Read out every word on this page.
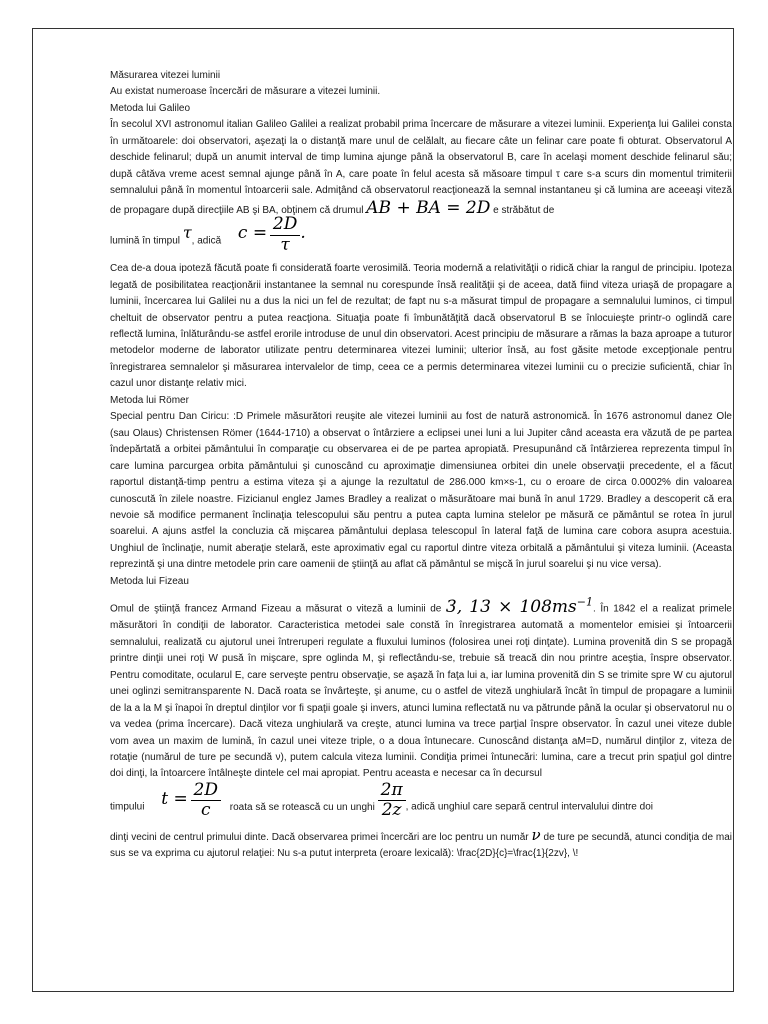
Măsurarea vitezei luminii

Au existat numeroase încercări de măsurare a vitezei luminii.

Metoda lui Galileo

În secolul XVI astronomul italian Galileo Galilei a realizat probabil prima încercare de măsurare a vitezei luminii. Experienţa lui Galilei consta în următoarele: doi observatori, aşezaţi la o distanţă mare unul de celălalt, au fiecare câte un felinar care poate fi obturat. Observatorul A deschide felinarul; după un anumit interval de timp lumina ajunge până la observatorul B, care în acelaşi moment deschide felinarul său; după câtăva vreme acest semnal ajunge până în A, care poate în felul acesta să măsoare timpul τ care s-a scurs din momentul trimiterii semnalului până în momentul întoarcerii sale. Admiţând că observatorul reacţionează la semnal instantaneu şi că lumina are aceeaşi viteză de propagare după direcţiile AB şi BA, obţinem că drumul AB + BA = 2D e străbătut de

lumină în timpul τ, adică $c = \frac{2D}{\tau}$ .

Cea de-a doua ipoteză făcută poate fi considerată foarte verosimilă. Teoria modernă a relativităţii o ridică chiar la rangul de principiu. Ipoteza legată de posibilitatea reacţionării instantanee la semnal nu corespunde însă realităţii şi de aceea, dată fiind viteza uriaşă de propagare a luminii, încercarea lui Galilei nu a dus la nici un fel de rezultat; de fapt nu s-a măsurat timpul de propagare a semnalului luminos, ci timpul cheltuit de observator pentru a putea reacţiona. Situaţia poate fi îmbunătăţită dacă observatorul B se înlocuieşte printr-o oglindă care reflectă lumina, înlăturându-se astfel erorile introduse de unul din observatori. Acest principiu de măsurare a rămas la baza aproape a tuturor metodelor moderne de laborator utilizate pentru determinarea vitezei luminii; ulterior însă, au fost găsite metode excepţionale pentru înregistrarea semnalelor şi măsurarea intervalelor de timp, ceea ce a permis determinarea vitezei luminii cu o precizie suficientă, chiar în cazul unor distanţe relativ mici.

Metoda lui Römer

Special pentru Dan Ciricu: :D Primele măsurători reuşite ale vitezei luminii au fost de natură astronomică. În 1676 astronomul danez Ole (sau Olaus) Christensen Römer (1644-1710) a observat o întârziere a eclipsei unei luni a lui Jupiter când aceasta era văzută de pe partea îndepărtată a orbitei pământului în comparaţie cu observarea ei de pe partea apropiată. Presupunând că întârzierea reprezenta timpul în care lumina parcurgea orbita pământului şi cunoscând cu aproximaţie dimensiunea orbitei din unele observaţii precedente, el a făcut raportul distanţă-timp pentru a estima viteza şi a ajunge la rezultatul de 286.000 km×s-1, cu o eroare de circa 0.0002% din valoarea cunoscută în zilele noastre. Fizicianul englez James Bradley a realizat o măsurătoare mai bună în anul 1729. Bradley a descoperit că era nevoie să modifice permanent înclinaţia telescopului său pentru a putea capta lumina stelelor pe măsură ce pământul se rotea în jurul soarelui. A ajuns astfel la concluzia că mişcarea pământului deplasa telescopul în lateral faţă de lumina care cobora asupra acestuia. Unghiul de înclinaţie, numit aberaţie stelară, este aproximativ egal cu raportul dintre viteza orbitală a pământului şi viteza luminii. (Aceasta reprezintă şi una dintre metodele prin care oamenii de ştiinţă au aflat că pământul se mişcă în jurul soarelui şi nu vice versa).

Metoda lui Fizeau

Omul de ştiinţă francez Armand Fizeau a măsurat o viteză a luminii de 3, $13 \times 108ms^{-1}$. În 1842 el a realizat primele măsurători în condiţii de laborator. Caracteristica metodei sale constă în înregistrarea automată a momentelor emisiei şi întoarcerii semnalului, realizată cu ajutorul unei întreruperi regulate a fluxului luminos (folosirea unei roţi dinţate). Lumina provenită din S se propagă printre dinţii unei roţi W pusă în mişcare, spre oglinda M, şi reflectându-se, trebuie să treacă din nou printre aceştia, înspre observator. Pentru comoditate, ocularul E, care serveşte pentru observaţie, se aşază în faţa lui a, iar lumina provenită din S se trimite spre W cu ajutorul unei oglinzi semitransparente N. Dacă roata se învârteşte, şi anume, cu o astfel de viteză unghiulară încât în timpul de propagare a luminii de la a la M şi înapoi în dreptul dinţilor vor fi spaţii goale şi invers, atunci lumina reflectată nu va pătrunde până la ocular şi observatorul nu o va vedea (prima încercare). Dacă viteza unghiulară va creşte, atunci lumina va trece parţial înspre observator. În cazul unei viteze duble vom avea un maxim de lumină, în cazul unei viteze triple, o a doua întunecare. Cunoscând distanţa aM=D, numărul dinţilor z, viteza de rotaţie (numărul de ture pe secundă ν), putem calcula viteza luminii. Condiţia primei întunecări: lumina, care a trecut prin spaţiul gol dintre doi dinţi, la întoarcere întâlneşte dintele cel mai apropiat. Pentru aceasta e necesar ca în decursul

timpului $t = \frac{2D}{c}$ roata să se rotească cu un unghi $\frac{2\pi}{2z}$ , adică unghiul care separă centrul intervalului dintre doi

dinţi vecini de centrul primului dinte. Dacă observarea primei încercări are loc pentru un număr ν de ture pe secundă, atunci condiţia de mai sus se va exprima cu ajutorul relaţiei: Nu s-a putut interpreta (eroare lexicală): \frac{2D}{c}=\frac{1}{2zv}, \!
